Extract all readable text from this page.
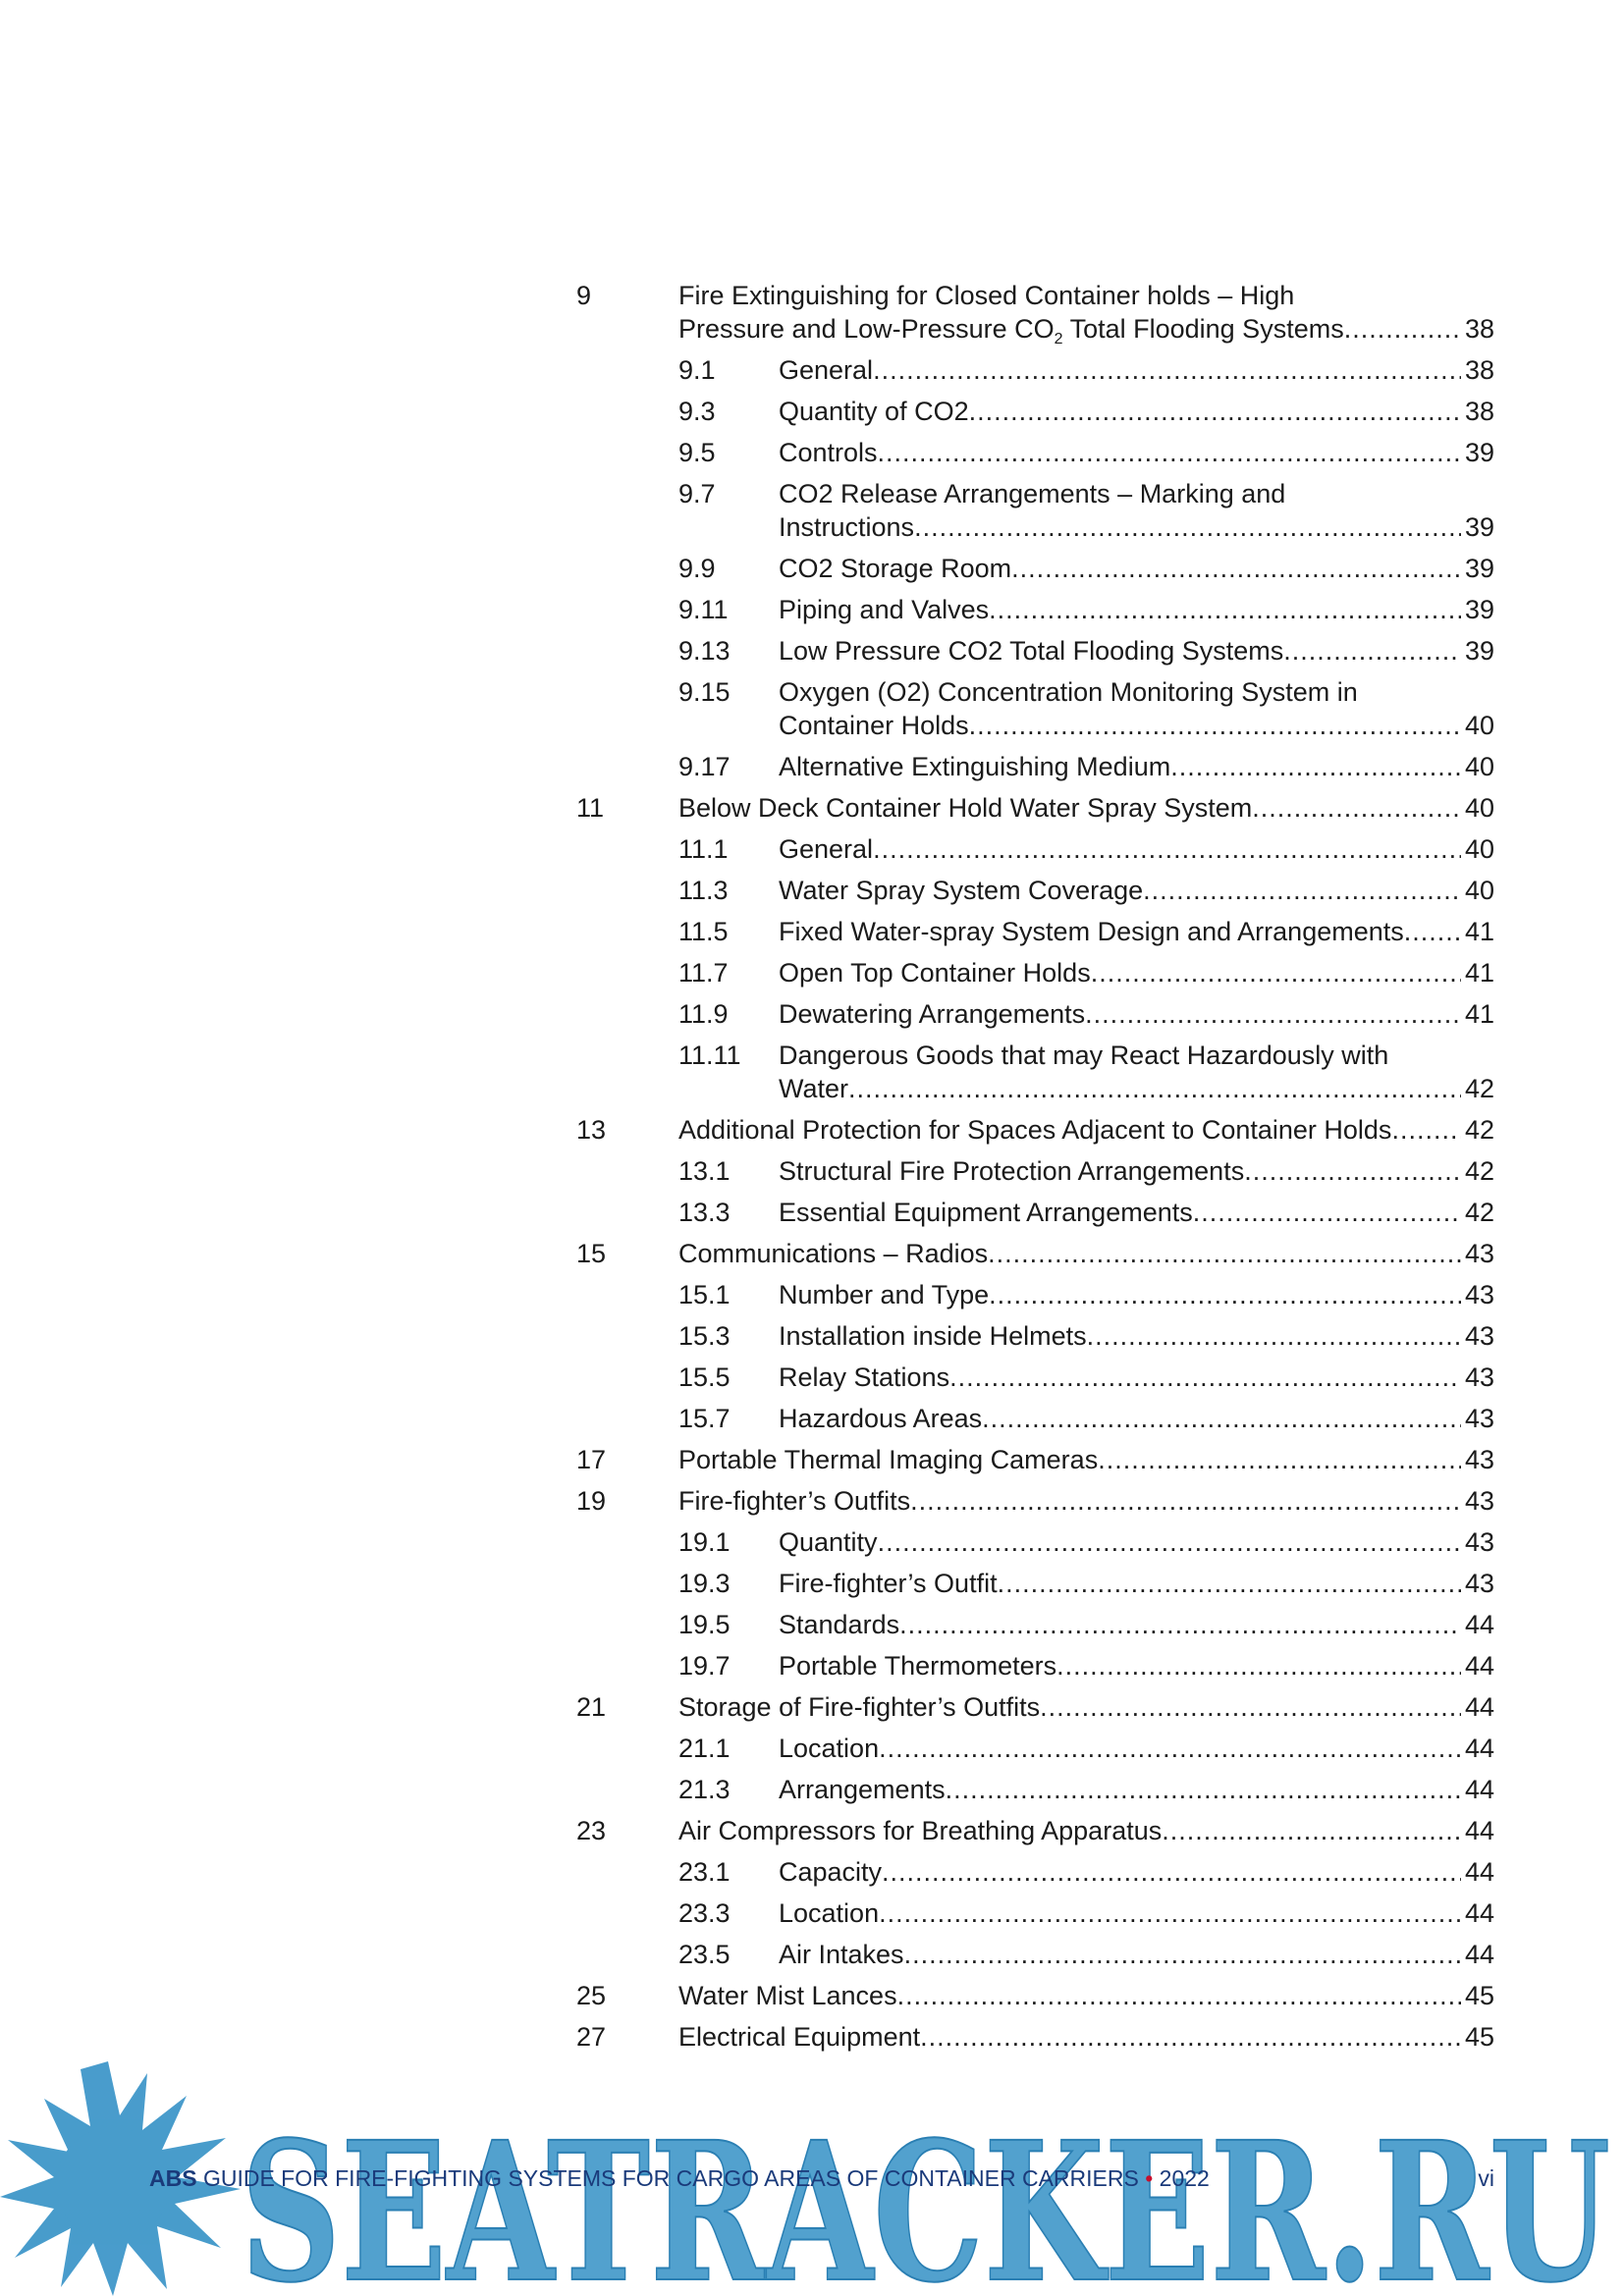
9	Fire Extinguishing for Closed Container holds – High
Pressure and Low-Pressure $CO_2$ Total Flooding Systems .....	38
9.1 General .....	38
9.3 Quantity of CO2 .....	38
9.5 Controls .....	39
9.7 CO2 Release Arrangements – Marking and
Instructions .....	39
9.9 CO2 Storage Room .....	39
9.11 Piping and Valves .....	39
9.13 Low Pressure CO2 Total Flooding Systems .....	39
9.15 Oxygen (O2) Concentration Monitoring System in
Container Holds .....	40
9.17 Alternative Extinguishing Medium .....	40
11	Below Deck Container Hold Water Spray System .....	40
11.1 General .....	40
11.3 Water Spray System Coverage .....	40
11.5 Fixed Water-spray System Design and Arrangements ..... 41
11.7 Open Top Container Holds .....	41
11.9 Dewatering Arrangements .....	41
11.11 Dangerous Goods that may React Hazardously with
Water .....	42
13	Additional Protection for Spaces Adjacent to Container Holds .....	42
13.1 Structural Fire Protection Arrangements .....	42
13.3 Essential Equipment Arrangements .....	42
15	Communications – Radios .....	43
15.1 Number and Type .....	43
15.3 Installation inside Helmets .....	43
15.5 Relay Stations .....	43
15.7 Hazardous Areas .....	43
17	Portable Thermal Imaging Cameras .....	43
19	Fire-fighter’s Outfits .....	43
19.1 Quantity .....	43
19.3 Fire-fighter’s Outfit .....	43
19.5 Standards .....	44
19.7 Portable Thermometers .....	44
21	Storage of Fire-fighter’s Outfits .....	44
21.1 Location .....	44
21.3 Arrangements .....	44
23	Air Compressors for Breathing Apparatus .....	44
23.1 Capacity .....	44
23.3 Location .....	44
23.5 Air Intakes .....	44
25	Water Mist Lances .....	45
27	Electrical Equipment .....	45
SEATRACKER.RU
ABS GUIDE FOR FIRE-FIGHTING SYSTEMS FOR CARGO AREAS OF CONTAINER CARRIERS • 2022	vi
